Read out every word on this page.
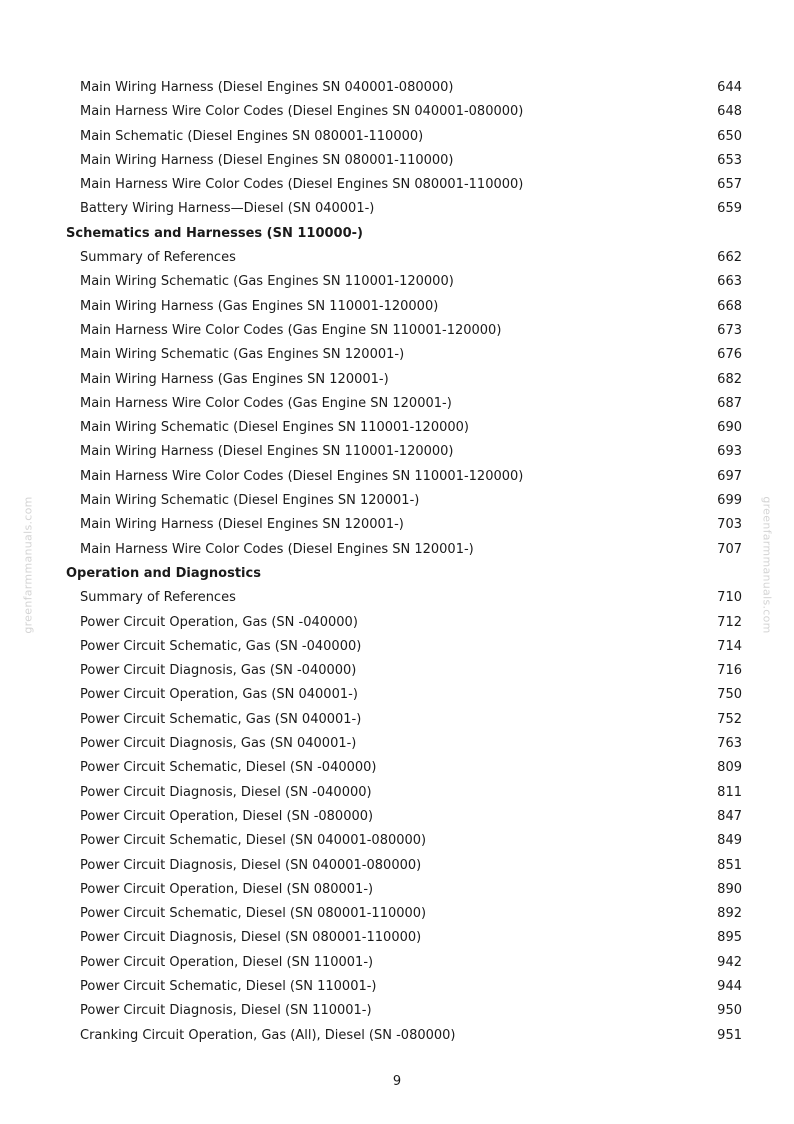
Main Wiring Harness (Diesel Engines SN 040001-080000)	644
Main Harness Wire Color Codes (Diesel Engines SN 040001-080000)	648
Main Schematic (Diesel Engines SN 080001-110000)	650
Main Wiring Harness (Diesel Engines SN 080001-110000)	653
Main Harness Wire Color Codes (Diesel Engines SN 080001-110000)	657
Battery Wiring Harness—Diesel (SN 040001-)	659
Schematics and Harnesses (SN 110000-)
Summary of References	662
Main Wiring Schematic (Gas Engines SN 110001-120000)	663
Main Wiring Harness (Gas Engines SN 110001-120000)	668
Main Harness Wire Color Codes (Gas Engine SN 110001-120000)	673
Main Wiring Schematic (Gas Engines SN 120001-)	676
Main Wiring Harness (Gas Engines SN 120001-)	682
Main Harness Wire Color Codes (Gas Engine SN 120001-)	687
Main Wiring Schematic (Diesel Engines SN 110001-120000)	690
Main Wiring Harness (Diesel Engines SN 110001-120000)	693
Main Harness Wire Color Codes (Diesel Engines SN 110001-120000)	697
Main Wiring Schematic (Diesel Engines SN 120001-)	699
Main Wiring Harness (Diesel Engines SN 120001-)	703
Main Harness Wire Color Codes (Diesel Engines SN 120001-)	707
Operation and Diagnostics
Summary of References	710
Power Circuit Operation, Gas (SN -040000)	712
Power Circuit Schematic, Gas (SN -040000)	714
Power Circuit Diagnosis, Gas (SN -040000)	716
Power Circuit Operation, Gas (SN 040001-)	750
Power Circuit Schematic, Gas (SN 040001-)	752
Power Circuit Diagnosis, Gas (SN 040001-)	763
Power Circuit Schematic, Diesel (SN -040000)	809
Power Circuit Diagnosis, Diesel (SN -040000)	811
Power Circuit Operation, Diesel (SN -080000)	847
Power Circuit Schematic, Diesel (SN 040001-080000)	849
Power Circuit Diagnosis, Diesel (SN 040001-080000)	851
Power Circuit Operation, Diesel (SN 080001-)	890
Power Circuit Schematic, Diesel (SN 080001-110000)	892
Power Circuit Diagnosis, Diesel (SN 080001-110000)	895
Power Circuit Operation, Diesel (SN 110001-)	942
Power Circuit Schematic, Diesel (SN 110001-)	944
Power Circuit Diagnosis, Diesel (SN 110001-)	950
Cranking Circuit Operation, Gas (All), Diesel (SN -080000)	951
greenfarmmanuals.com	greenfarmmanuals.com
9
